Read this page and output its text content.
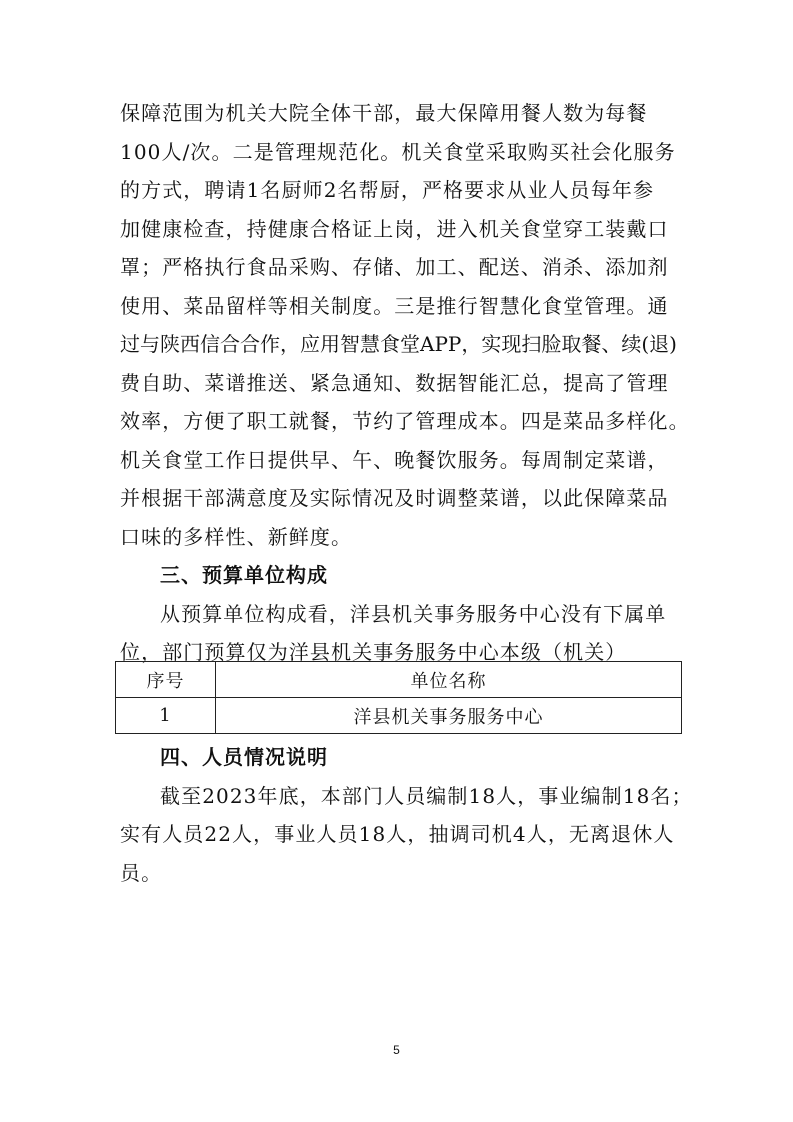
保障范围为机关大院全体干部，最大保障用餐人数为每餐
100人/次。二是管理规范化。机关食堂采取购买社会化服务
的方式，聘请1名厨师2名帮厨，严格要求从业人员每年参
加健康检查，持健康合格证上岗，进入机关食堂穿工装戴口
罩；严格执行食品采购、存储、加工、配送、消杀、添加剂
使用、菜品留样等相关制度。三是推行智慧化食堂管理。通
过与陕西信合合作，应用智慧食堂APP，实现扫脸取餐、续(退)
费自助、菜谱推送、紧急通知、数据智能汇总，提高了管理
效率，方便了职工就餐，节约了管理成本。四是菜品多样化。
机关食堂工作日提供早、午、晚餐饮服务。每周制定菜谱，
并根据干部满意度及实际情况及时调整菜谱，以此保障菜品
口味的多样性、新鲜度。

三、预算单位构成

从预算单位构成看，洋县机关事务服务中心没有下属单
位，部门预算仅为洋县机关事务服务中心本级（机关）

序号	单位名称
1	洋县机关事务服务中心
四、人员情况说明

截至2023年底，本部门人员编制18人，事业编制18名；
实有人员22人，事业人员18人，抽调司机4人，无离退休人
员。

5
